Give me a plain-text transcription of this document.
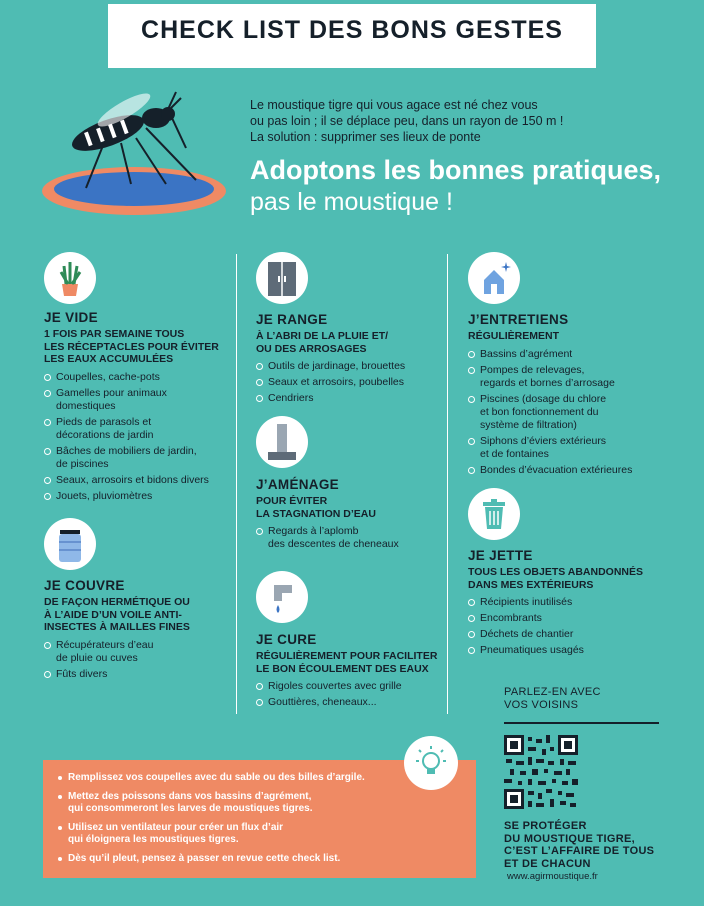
CHECK LIST DES BONS GESTES
Le moustique tigre qui vous agace est né chez vous
ou pas loin ; il se déplace peu, dans un rayon de 150 m !
La solution : supprimer ses lieux de ponte
Adoptons les bonnes pratiques,
pas le moustique !
JE VIDE
1 FOIS PAR SEMAINE TOUS
LES RÉCEPTACLES POUR ÉVITER
LES EAUX ACCUMULÉES
Coupelles, cache-pots
Gamelles pour animaux
domestiques
Pieds de parasols et
décorations de jardin
Bâches de mobiliers de jardin,
de piscines
Seaux, arrosoirs et bidons divers
Jouets, pluviomètres
JE COUVRE
DE FAÇON HERMÉTIQUE OU
À L’AIDE D’UN VOILE ANTI-
INSECTES À MAILLES FINES
Récupérateurs d’eau
de pluie ou cuves
Fûts divers
JE RANGE
À L’ABRI DE LA PLUIE ET/
OU DES ARROSAGES
Outils de jardinage, brouettes
Seaux et arrosoirs, poubelles
Cendriers
J’AMÉNAGE
POUR ÉVITER
LA STAGNATION D’EAU
Regards à l’aplomb
des descentes de cheneaux
JE CURE
RÉGULIÈREMENT POUR FACILITER
LE BON ÉCOULEMENT DES EAUX
Rigoles couvertes avec grille
Gouttières, cheneaux...
J’ENTRETIENS
RÉGULIÈREMENT
Bassins d’agrément
Pompes de relevages,
regards et bornes d’arrosage
Piscines (dosage du chlore
et bon fonctionnement du
système de filtration)
Siphons d’éviers extérieurs
et de fontaines
Bondes d’évacuation extérieures
JE JETTE
TOUS LES OBJETS ABANDONNÉS
DANS MES EXTÉRIEURS
Récipients inutilisés
Encombrants
Déchets de chantier
Pneumatiques usagés
Remplissez vos coupelles avec du sable ou des billes d’argile.
Mettez des poissons dans vos bassins d’agrément,
qui consommeront les larves de moustiques tigres.
Utilisez un ventilateur pour créer un flux d’air
qui éloignera les moustiques tigres.
Dès qu’il pleut, pensez à passer en revue cette check list.
PARLEZ-EN AVEC
VOS VOISINS
SE PROTÉGER
DU MOUSTIQUE TIGRE,
C’EST L’AFFAIRE DE TOUS
ET DE CHACUN
www.agirmoustique.fr
